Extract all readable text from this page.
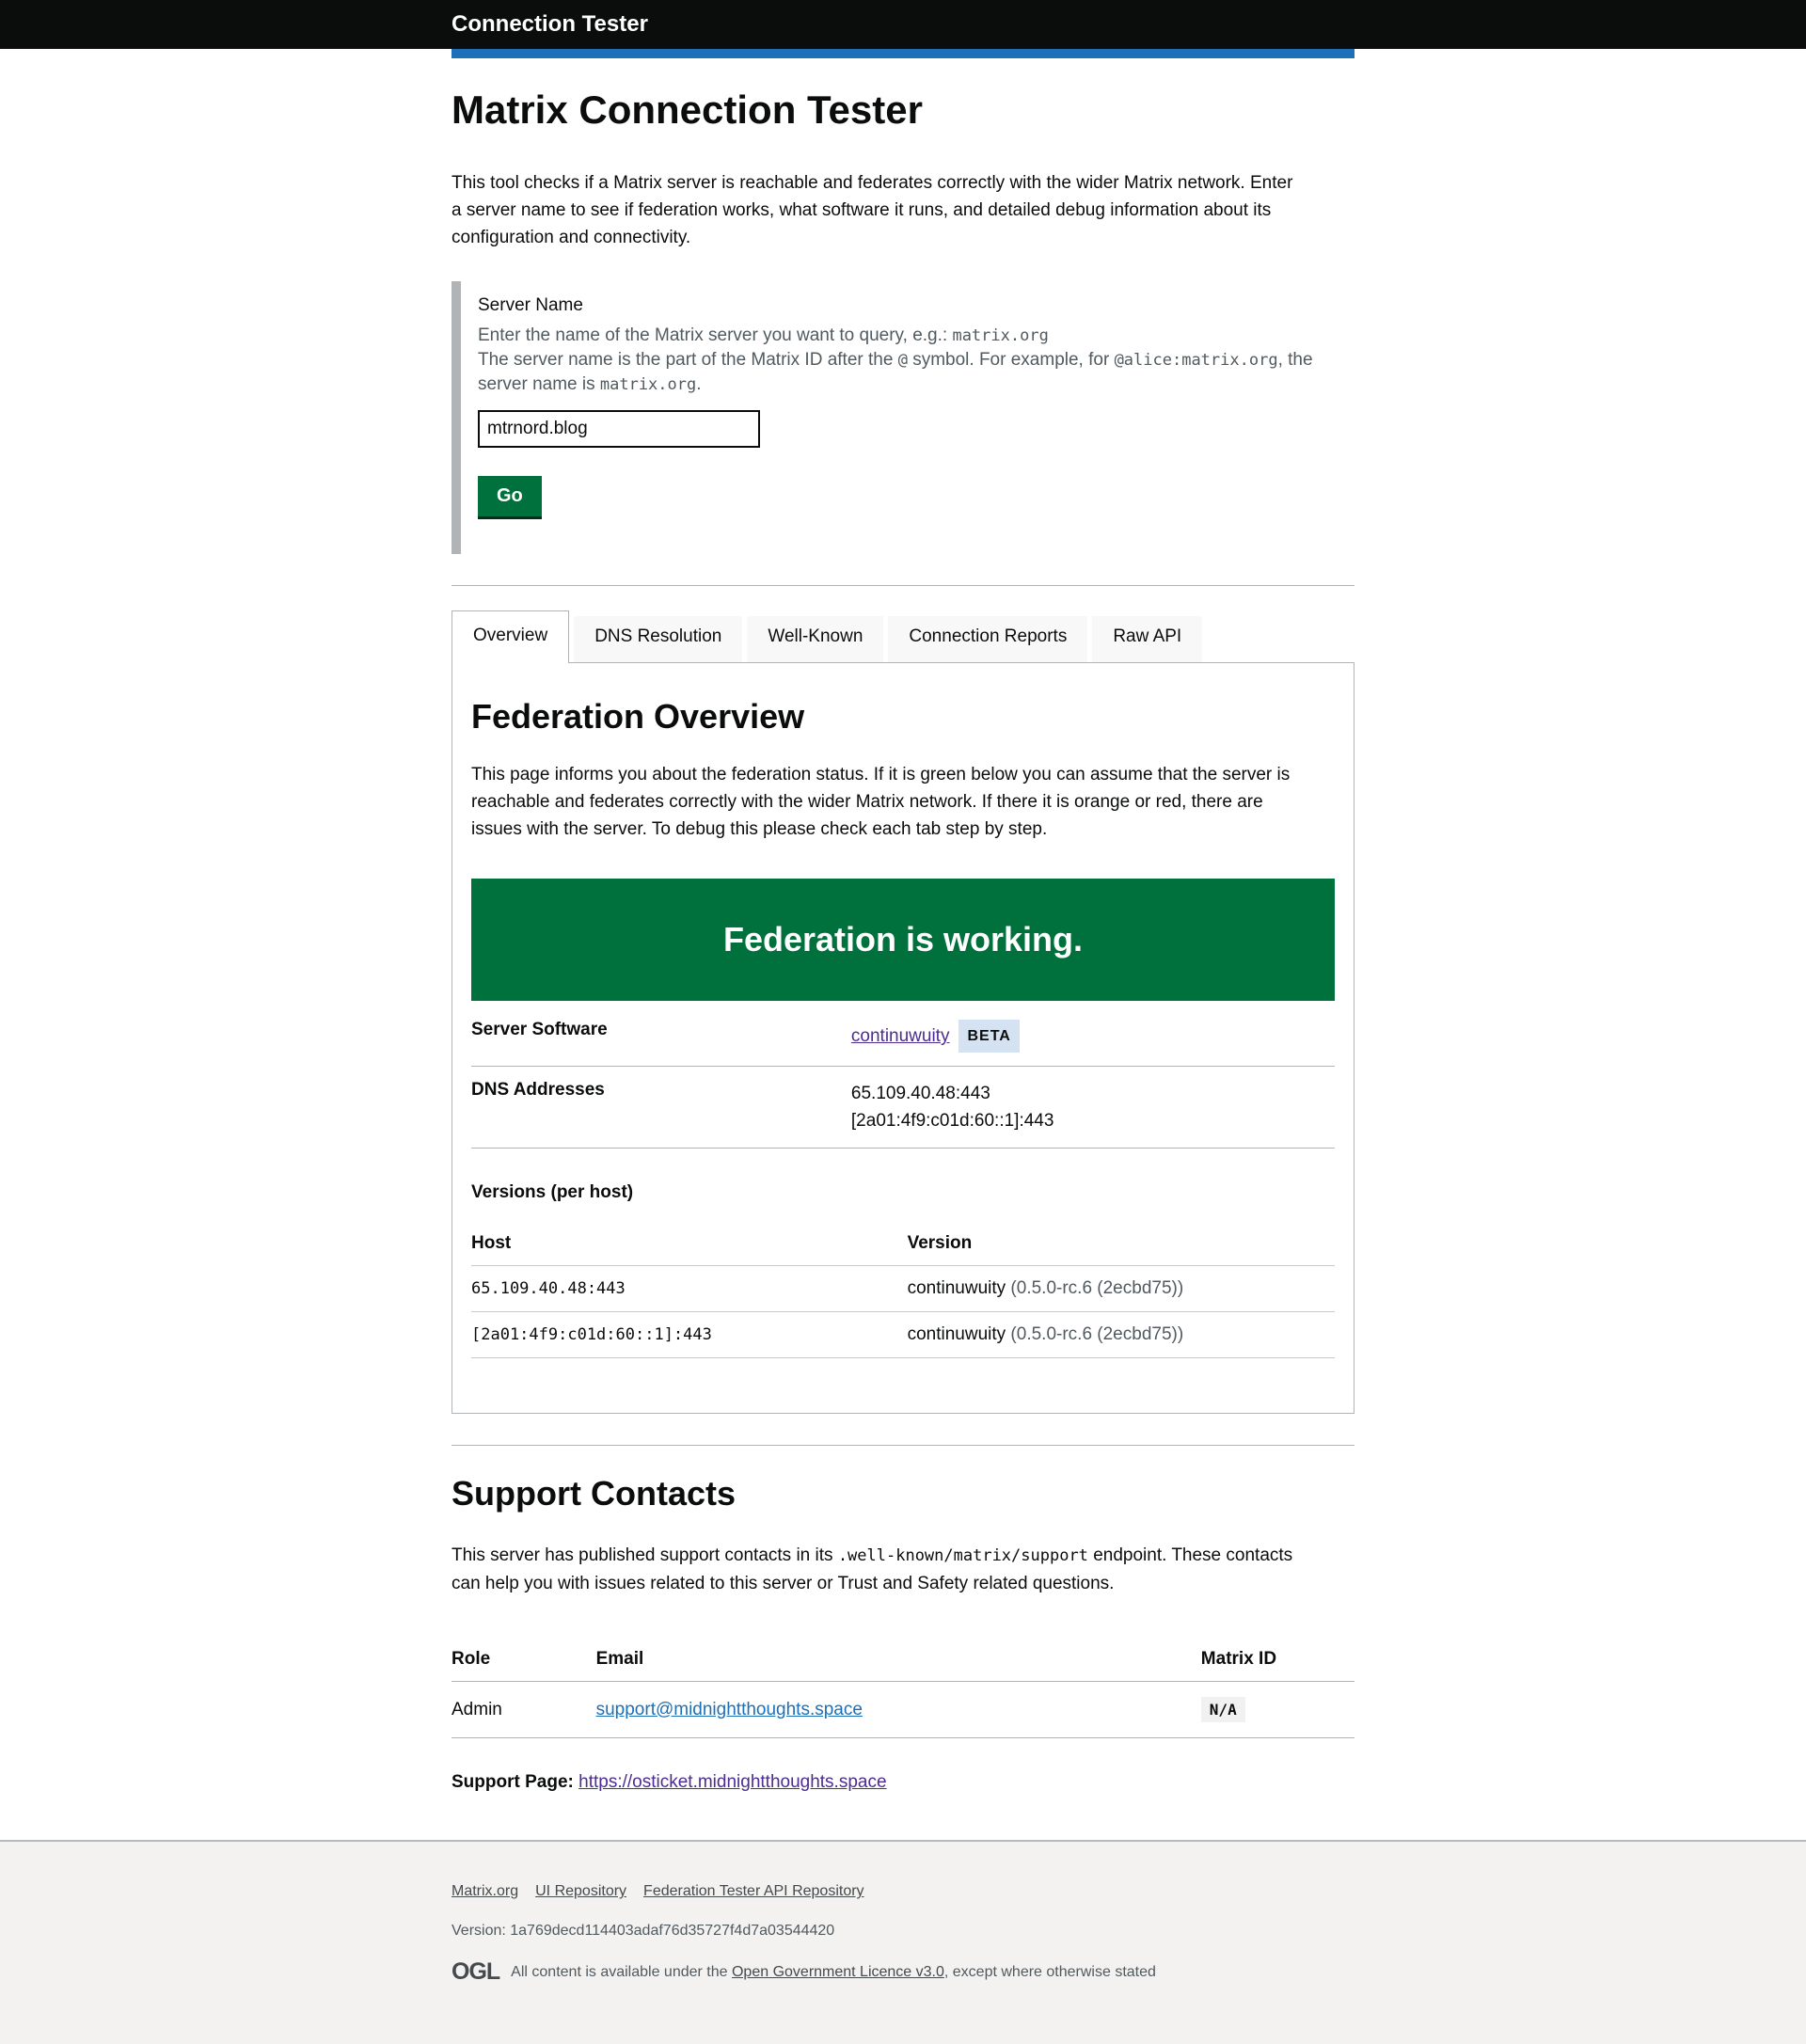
Connection Tester
Matrix Connection Tester

This tool checks if a Matrix server is reachable and federates correctly with the wider Matrix network. Enter a server name to see if federation works, what software it runs, and detailed debug information about its configuration and connectivity.

Server Name
Enter the name of the Matrix server you want to query, e.g.: matrix.org
The server name is the part of the Matrix ID after the @ symbol. For example, for @alice:matrix.org, the server name is matrix.org.
mtrnord.blog Go
Overview	DNS Resolution	Well-Known	Connection Reports	Raw API
Federation Overview

This page informs you about the federation status. If it is green below you can assume that the server is reachable and federates correctly with the wider Matrix network. If there it is orange or red, there are issues with the server. To debug this please check each tab step by step.

Federation is working.
Server Software	continuwuity BETA
DNS Addresses	65.109.40.48:443
[2a01:4f9:c01d:60::1]:443
Versions (per host)
Host	Version
65.109.40.48:443	continuwuity (0.5.0-rc.6 (2ecbd75))
[2a01:4f9:c01d:60::1]:443	continuwuity (0.5.0-rc.6 (2ecbd75))
Support Contacts

This server has published support contacts in its .well-known/matrix/support endpoint. These contacts can help you with issues related to this server or Trust and Safety related questions.

Role	Email	Matrix ID
Admin	support@midnightthoughts.space	N/A

Support Page: https://osticket.midnightthoughts.space

Matrix.org UI Repository Federation Tester API Repository
Version: 1a769decd114403adaf76d35727f4d7a03544420
OGL All content is available under the Open Government Licence v3.0, except where otherwise stated
